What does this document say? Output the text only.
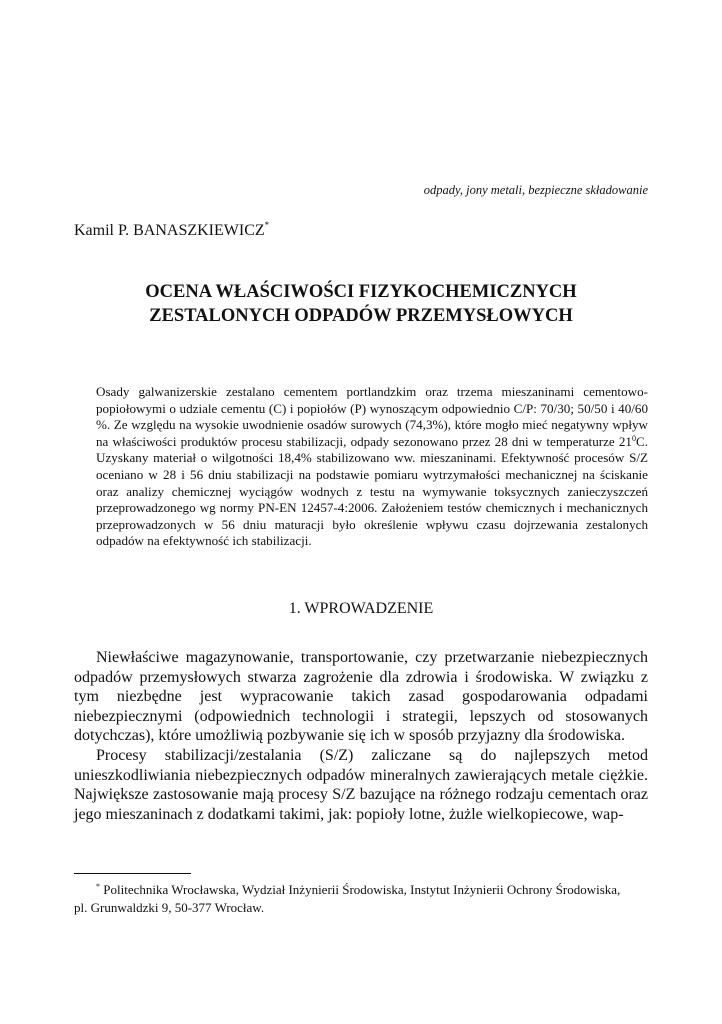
odpady, jony metali, bezpieczne składowanie
Kamil P. BANASZKIEWICZ*
OCENA WŁAŚCIWOŚCI FIZYKOCHEMICZNYCH
ZESTALONYCH ODPADÓW PRZEMYSŁOWYCH
Osady galwanizerskie zestalano cementem portlandzkim oraz trzema mieszaninami cementowo-popiołowymi o udziale cementu (C) i popiołów (P) wynoszącym odpowiednio C/P: 70/30; 50/50 i 40/60 %. Ze względu na wysokie uwodnienie osadów surowych (74,3%), które mogło mieć negatywny wpływ na właściwości produktów procesu stabilizacji, odpady sezonowano przez 28 dni w temperaturze $21^0C$. Uzyskany materiał o wilgotności 18,4% stabilizowano ww. mieszaninami. Efektywność procesów S/Z oceniano w 28 i 56 dniu stabilizacji na podstawie pomiaru wytrzymałości mechanicznej na ściskanie oraz analizy chemicznej wyciągów wodnych z testu na wymywanie toksycznych zanieczyszczeń przeprowadzonego wg normy PN-EN 12457-4:2006. Założeniem testów chemicznych i mechanicznych przeprowadzonych w 56 dniu maturacji było określenie wpływu czasu dojrzewania zestalonych odpadów na efektywność ich stabilizacji.
1. WPROWADZENIE

Niewłaściwe magazynowanie, transportowanie, czy przetwarzanie niebezpiecznych odpadów przemysłowych stwarza zagrożenie dla zdrowia i środowiska. W związku z tym niezbędne jest wypracowanie takich zasad gospodarowania odpadami niebezpiecznymi (odpowiednich technologii i strategii, lepszych od stosowanych dotychczas), które umożliwią pozbywanie się ich w sposób przyjazny dla środowiska.

Procesy stabilizacji/zestalania (S/Z) zaliczane są do najlepszych metod unieszkodliwiania niebezpiecznych odpadów mineralnych zawierających metale ciężkie. Największe zastosowanie mają procesy S/Z bazujące na różnego rodzaju cementach oraz jego mieszaninach z dodatkami takimi, jak: popioły lotne, żużle wielkopiecowe, wap-

* Politechnika Wrocławska, Wydział Inżynierii Środowiska, Instytut Inżynierii Ochrony Środowiska,
pl. Grunwaldzki 9, 50-377 Wrocław.
